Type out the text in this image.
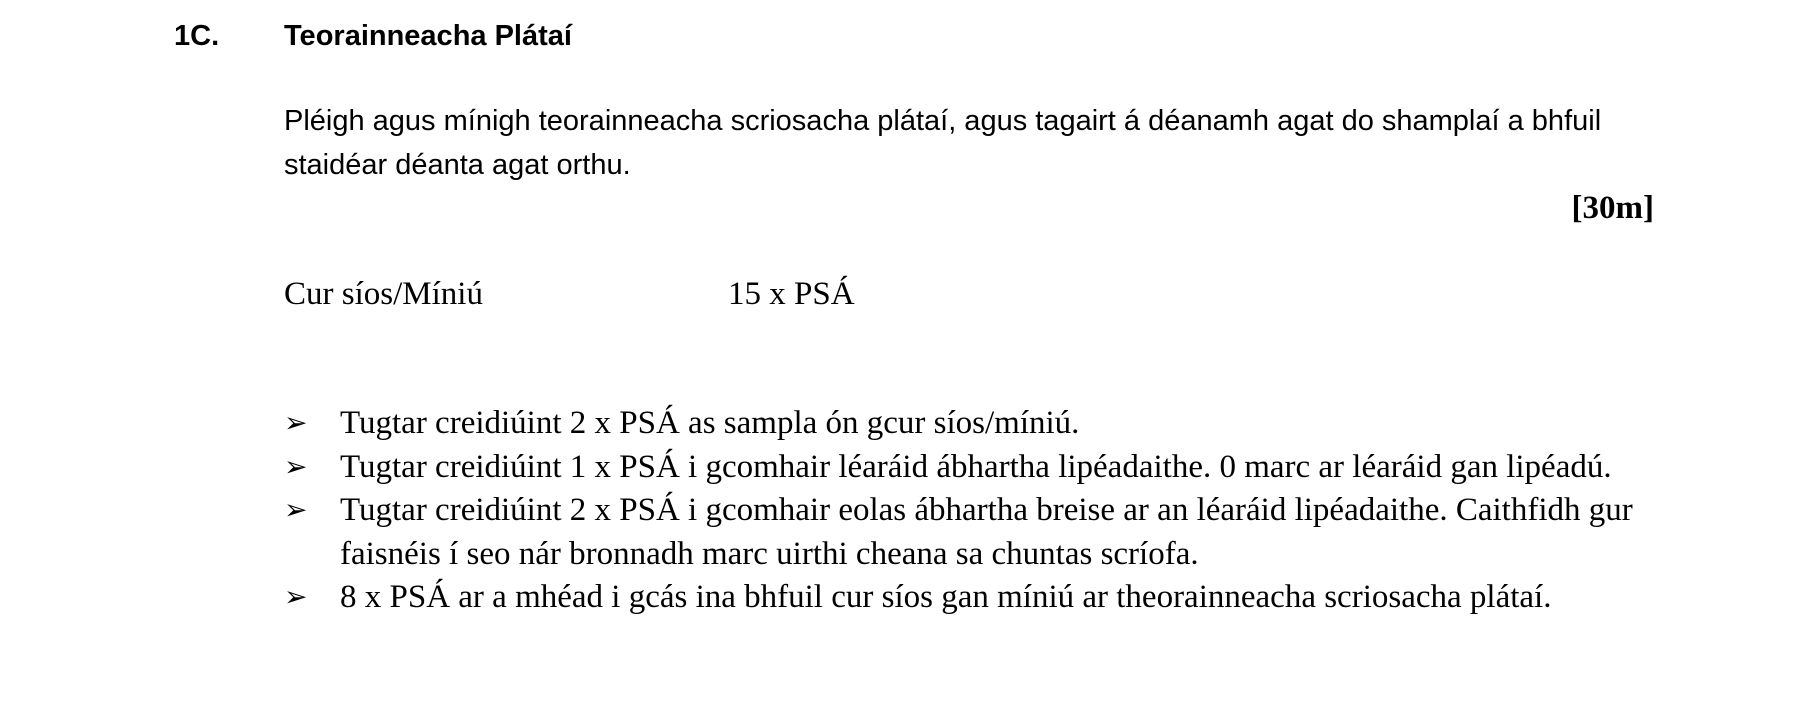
1C. Teorainneacha Plátaí
Pléigh agus mínigh teorainneacha scriosacha plátaí, agus tagairt á déanamh agat do shamplaí a bhfuil staidéar déanta agat orthu.
[30m]
Cur síos/Míniú	15 x PSÁ
➢ Tugtar creidiúint 2 x PSÁ as sampla ón gcur síos/míniú.
➢ Tugtar creidiúint 1 x PSÁ i gcomhair léaráid ábhartha lipéadaithe. 0 marc ar léaráid gan lipéadú.
➢ Tugtar creidiúint 2 x PSÁ i gcomhair eolas ábhartha breise ar an léaráid lipéadaithe. Caithfidh gur faisnéis í seo nár bronnadh marc uirthi cheana sa chuntas scríofa.
➢ 8 x PSÁ ar a mhéad i gcás ina bhfuil cur síos gan míniú ar theorainneacha scriosacha plátaí.
